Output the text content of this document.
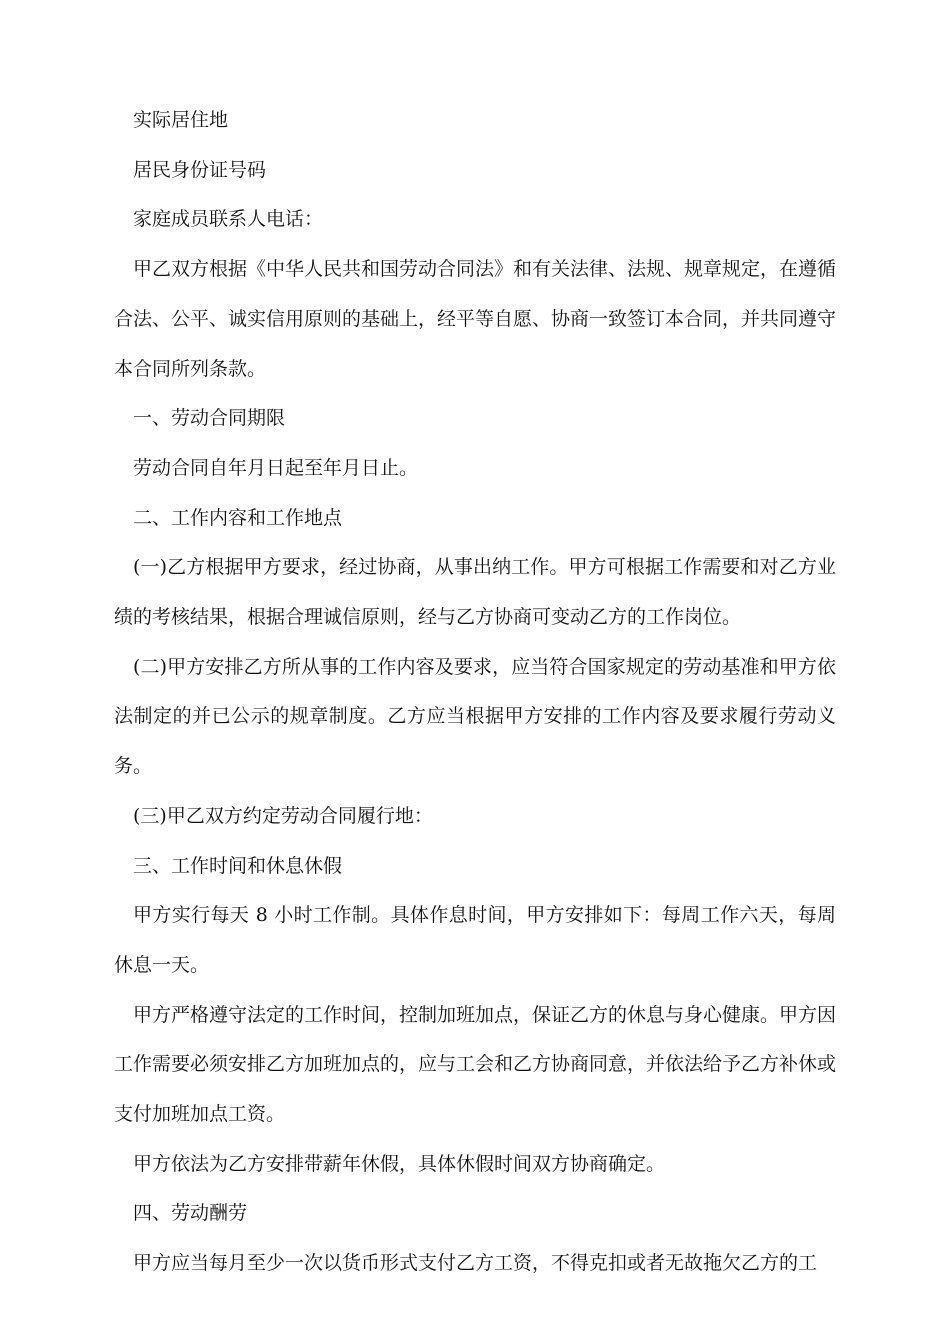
实际居住地

居民身份证号码

家庭成员联系人电话：

甲乙双方根据《中华人民共和国劳动合同法》和有关法律、法规、规章规定，在遵循合法、公平、诚实信用原则的基础上，经平等自愿、协商一致签订本合同，并共同遵守本合同所列条款。

一、劳动合同期限

劳动合同自年月日起至年月日止。

二、工作内容和工作地点

(一)乙方根据甲方要求，经过协商，从事出纳工作。甲方可根据工作需要和对乙方业绩的考核结果，根据合理诚信原则，经与乙方协商可变动乙方的工作岗位。

(二)甲方安排乙方所从事的工作内容及要求，应当符合国家规定的劳动基准和甲方依法制定的并已公示的规章制度。乙方应当根据甲方安排的工作内容及要求履行劳动义务。

(三)甲乙双方约定劳动合同履行地：

三、工作时间和休息休假

甲方实行每天 8 小时工作制。具体作息时间，甲方安排如下：每周工作六天，每周休息一天。

甲方严格遵守法定的工作时间，控制加班加点，保证乙方的休息与身心健康。甲方因工作需要必须安排乙方加班加点的，应与工会和乙方协商同意，并依法给予乙方补休或支付加班加点工资。

甲方依法为乙方安排带薪年休假，具体休假时间双方协商确定。

四、劳动酬劳

甲方应当每月至少一次以货币形式支付乙方工资，不得克扣或者无故拖欠乙方的工
